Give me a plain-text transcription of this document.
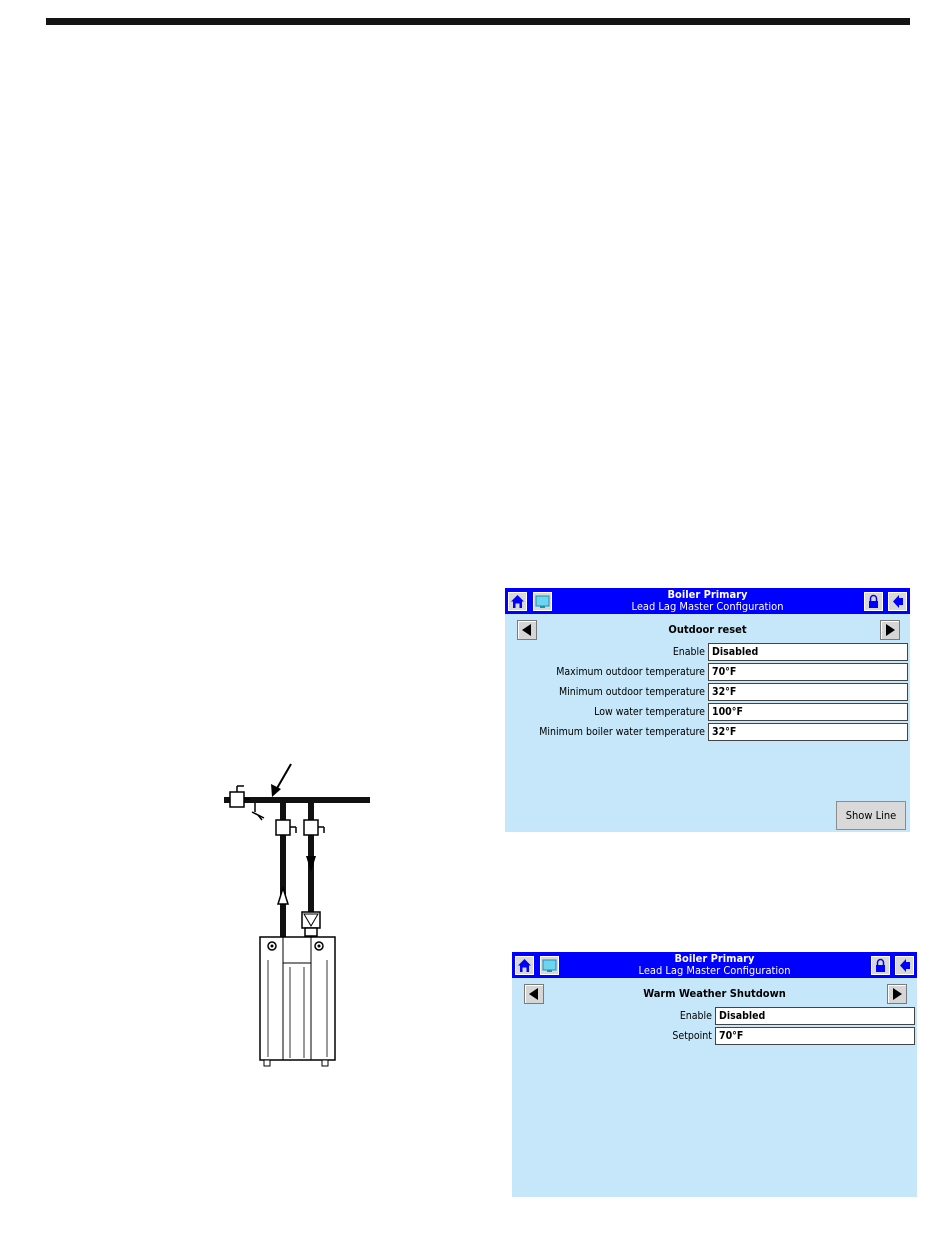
Boiler Primary
Lead Lag Master Configuration
Outdoor reset
Enable Disabled
Maximum outdoor temperature 70°F
Minimum outdoor temperature 32°F
Low water temperature 100°F
Minimum boiler water temperature 32°F
Show Line
Boiler Primary
Lead Lag Master Configuration
Warm Weather Shutdown
Enable Disabled
Setpoint 70°F
